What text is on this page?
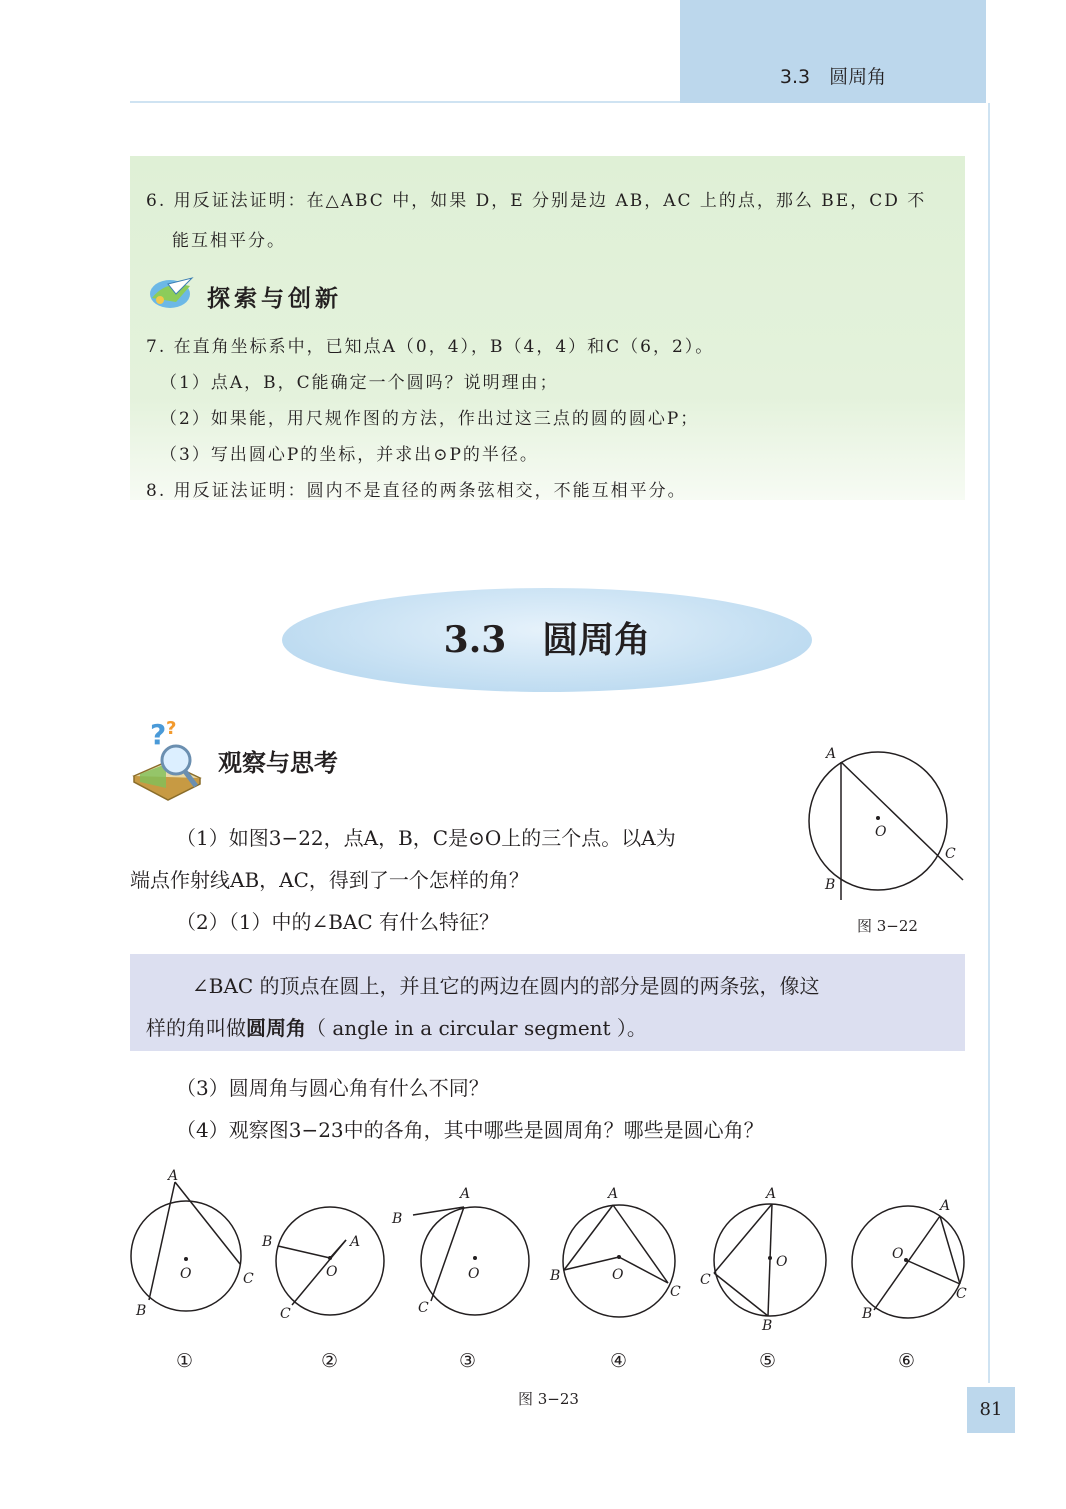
3.3　圆周角
6. 用反证法证明：在△ABC 中，如果 D，E 分别是边 AB，AC 上的点，那么 BE，CD 不
能互相平分。
探索与创新
7. 在直角坐标系中，已知点A（0，4），B（4，4）和C（6，2）。
（1）点A，B，C能确定一个圆吗？说明理由；
（2）如果能，用尺规作图的方法，作出过这三点的圆的圆心P；
（3）写出圆心P的坐标，并求出⊙P的半径。
8. 用反证法证明：圆内不是直径的两条弦相交，不能互相平分。
3.3　圆周角
? ?
观察与思考
（1）如图3−22，点A，B，C是⊙O上的三个点。以A为
端点作射线AB，AC，得到了一个怎样的角？
（2）（1）中的∠BAC 有什么特征？
A
O
C
B
图 3−22
∠BAC 的顶点在圆上，并且它的两边在圆内的部分是圆的两条弦，像这
样的角叫做圆周角（ angle in a circular segment ）。
（3）圆周角与圆心角有什么不同？
（4）观察图3−23中的各角，其中哪些是圆周角？哪些是圆心角？
A
O	C
B
B	A
O
C
A
B
O
C
A
B	O
C
A
O
C
B
A
O
C
B
①	②	③	④	⑤	⑥
图 3−23	81
